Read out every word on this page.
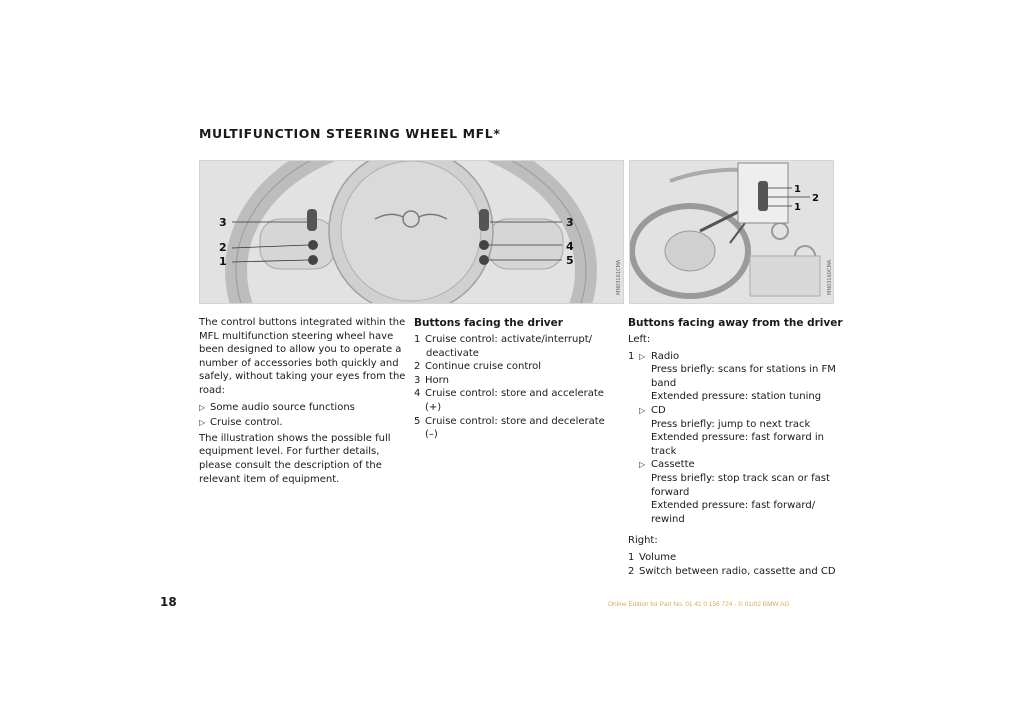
MULTIFUNCTION STEERING WHEEL MFL*
3
2
1
3
4
5	MN03161CMA
1
2
1
MN03160CMA

The control buttons integrated within the MFL multifunction steering wheel have been designed to allow you to operate a number of accessories both quickly and safely, without taking your eyes from the road:

▷ Some audio source functions
▷ Cruise control.

The illustration shows the possible full equipment level. For further details, please consult the description of the relevant item of equipment.

Buttons facing the driver

1 Cruise control: activate/interrupt/
deactivate
2 Continue cruise control
3 Horn
4 Cruise control: store and accelerate (+)
5 Cruise control: store and decelerate (–)

Buttons facing away from the driver

Left:

1 ▷ Radio
Press briefly: scans for stations in FM
band
Extended pressure: station tuning
▷ CD
Press briefly: jump to next track
Extended pressure: fast forward in track
▷ Cassette
Press briefly: stop track scan or fast
forward
Extended pressure: fast forward/
rewind

Right:

1 Volume
2 Switch between radio, cassette and CD
18	Online Edition for Part No. 01 41 0 156 724 - © 01/02 BMW AG
